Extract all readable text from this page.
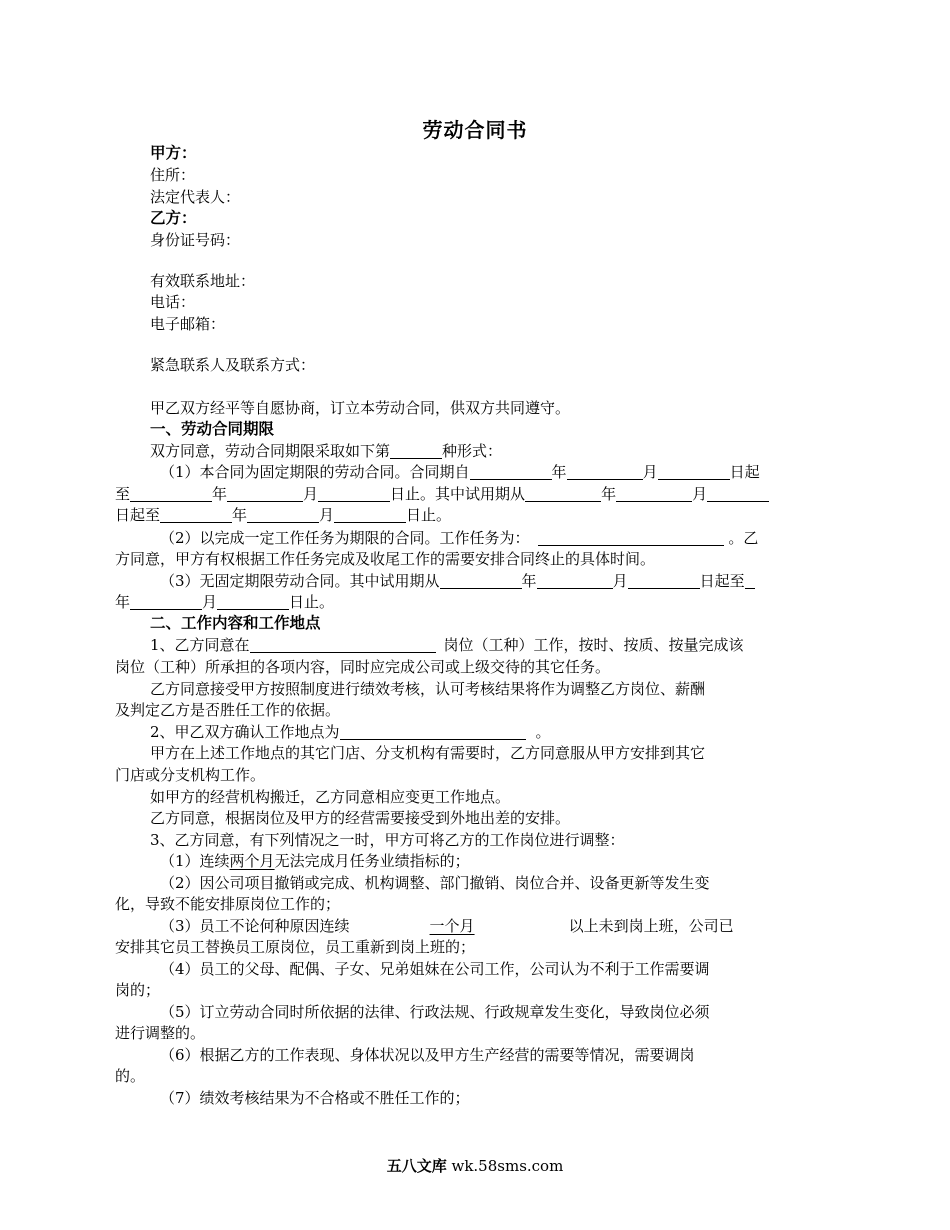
劳动合同书
甲方：
住所：
法定代表人：
乙方：
身份证号码：
有效联系地址：
电话：
电子邮箱：
紧急联系人及联系方式：
甲乙双方经平等自愿协商，订立本劳动合同，供双方共同遵守。
一、劳动合同期限
双方同意，劳动合同期限采取如下第	种形式：
（1）本合同为固定期限的劳动合同。合同期自	年	月	日起
至	年	月	日止。其中试用期从	年	月
日起至	年	月	日止。
（2）以完成一定工作任务为期限的合同。工作任务为：	。乙
方同意，甲方有权根据工作任务完成及收尾工作的需要安排合同终止的具体时间。
（3）无固定期限劳动合同。其中试用期从	年	月	日起至
年	月	日止。
二、工作内容和工作地点
1、乙方同意在	岗位（工种）工作，按时、按质、按量完成该
岗位（工种）所承担的各项内容，同时应完成公司或上级交待的其它任务。
乙方同意接受甲方按照制度进行绩效考核，认可考核结果将作为调整乙方岗位、薪酬
及判定乙方是否胜任工作的依据。
2、甲乙双方确认工作地点为	。
甲方在上述工作地点的其它门店、分支机构有需要时，乙方同意服从甲方安排到其它
门店或分支机构工作。
如甲方的经营机构搬迁，乙方同意相应变更工作地点。
乙方同意，根据岗位及甲方的经营需要接受到外地出差的安排。
3、乙方同意，有下列情况之一时，甲方可将乙方的工作岗位进行调整：
（1）连续两个月无法完成月任务业绩指标的；
（2）因公司项目撤销或完成、机构调整、部门撤销、岗位合并、设备更新等发生变
化，导致不能安排原岗位工作的；
（3）员工不论何种原因连续	一个月	以上未到岗上班，公司已
安排其它员工替换员工原岗位，员工重新到岗上班的；
（4）员工的父母、配偶、子女、兄弟姐妹在公司工作，公司认为不利于工作需要调
岗的；
（5）订立劳动合同时所依据的法律、行政法规、行政规章发生变化，导致岗位必须
进行调整的。
（6）根据乙方的工作表现、身体状况以及甲方生产经营的需要等情况，需要调岗
的。
（7）绩效考核结果为不合格或不胜任工作的；
五八文库 wk.58sms.com
